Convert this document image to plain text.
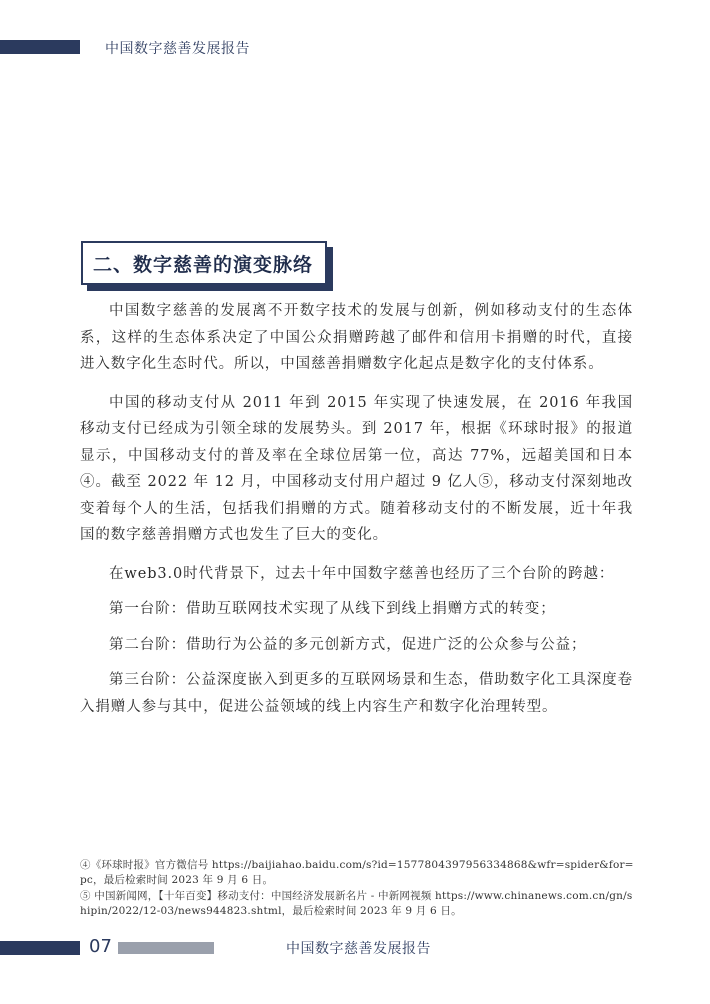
中国数字慈善发展报告
二、数字慈善的演变脉络

中国数字慈善的发展离不开数字技术的发展与创新，例如移动支付的生态体系，这样的生态体系决定了中国公众捐赠跨越了邮件和信用卡捐赠的时代，直接进入数字化生态时代。所以，中国慈善捐赠数字化起点是数字化的支付体系。

中国的移动支付从 2011 年到 2015 年实现了快速发展，在 2016 年我国移动支付已经成为引领全球的发展势头。到 2017 年，根据《环球时报》的报道显示，中国移动支付的普及率在全球位居第一位，高达 77%，远超美国和日本④。截至 2022 年 12 月，中国移动支付用户超过 9 亿人⑤，移动支付深刻地改变着每个人的生活，包括我们捐赠的方式。随着移动支付的不断发展，近十年我国的数字慈善捐赠方式也发生了巨大的变化。

在web3.0时代背景下，过去十年中国数字慈善也经历了三个台阶的跨越：

第一台阶：借助互联网技术实现了从线下到线上捐赠方式的转变；

第二台阶：借助行为公益的多元创新方式，促进广泛的公众参与公益；

第三台阶：公益深度嵌入到更多的互联网场景和生态，借助数字化工具深度卷入捐赠人参与其中，促进公益领域的线上内容生产和数字化治理转型。

④《环球时报》官方微信号 https://baijiahao.baidu.com/s?id=1577804397956334868&wfr=spider&for=pc，最后检索时间 2023 年 9 月 6 日。
⑤ 中国新闻网，【十年百变】移动支付：中国经济发展新名片 - 中新网视频 https://www.chinanews.com.cn/gn/shipin/2022/12-03/news944823.shtml，最后检索时间 2023 年 9 月 6 日。
07	中国数字慈善发展报告
